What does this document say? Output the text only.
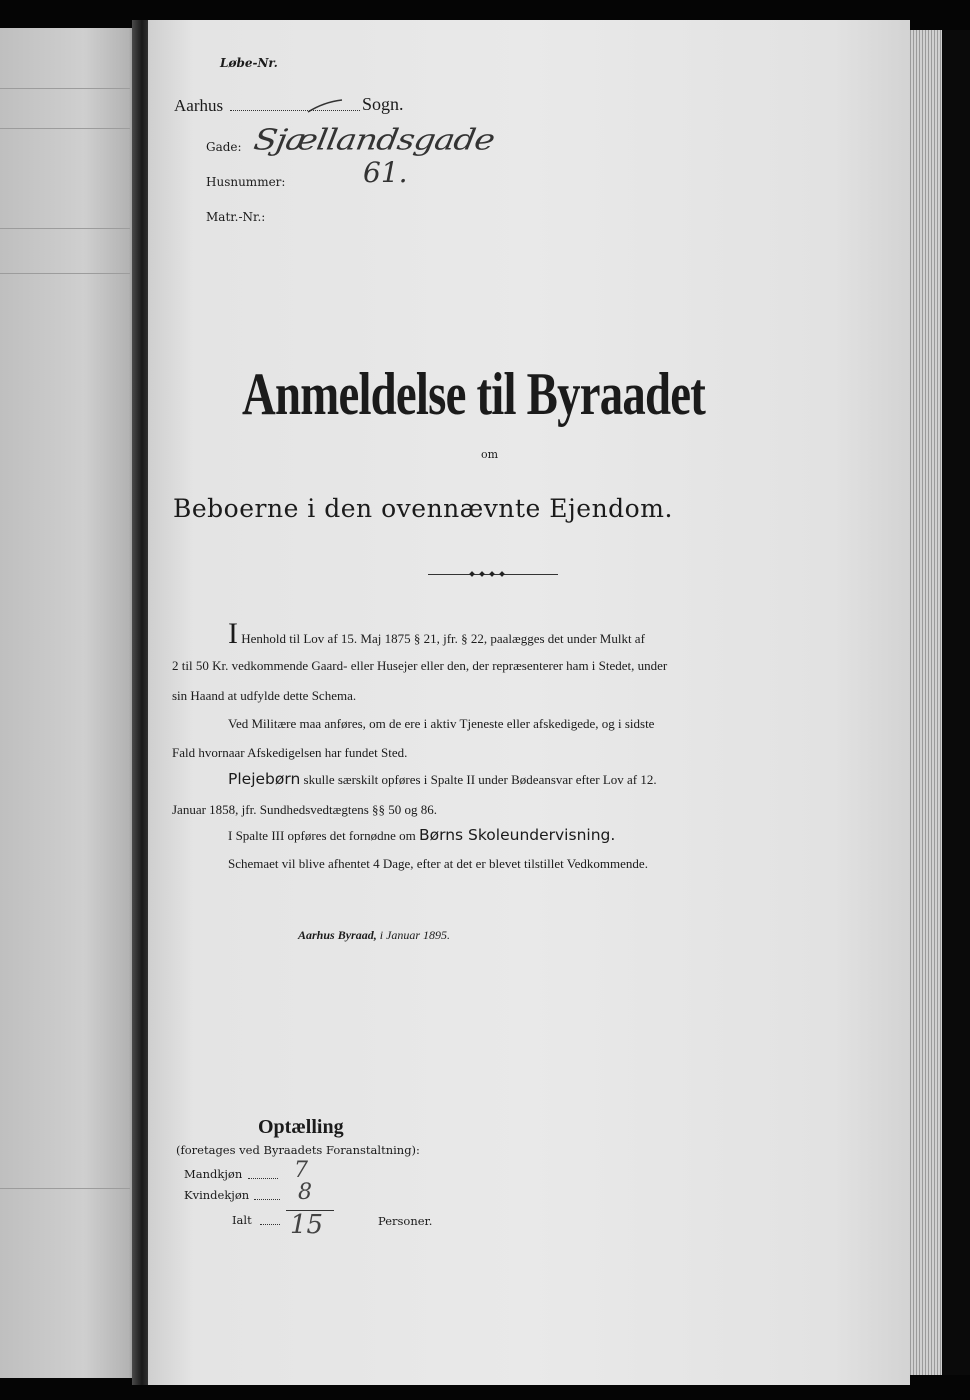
Løbe-Nr.
Aarhus	Sogn.
Gade: Sjællandsgade
Husnummer:	61.
Matr.-Nr.:
Anmeldelse til Byraadet
om
Beboerne i den ovennævnte Ejendom.
I Henhold til Lov af 15. Maj 1875 § 21, jfr. § 22, paalægges det under Mulkt af
2 til 50 Kr. vedkommende Gaard- eller Husejer eller den, der repræsenterer ham i Stedet, under
sin Haand at udfylde dette Schema.
Ved Militære maa anføres, om de ere i aktiv Tjeneste eller afskedigede, og i sidste
Fald hvornaar Afskedigelsen har fundet Sted.
Plejebørn skulle særskilt opføres i Spalte II under Bødeansvar efter Lov af 12.
Januar 1858, jfr. Sundhedsvedtægtens §§ 50 og 86.
I Spalte III opføres det fornødne om Børns Skoleundervisning.
Schemaet vil blive afhentet 4 Dage, efter at det er blevet tilstillet Vedkommende.
Aarhus Byraad, i Januar 1895.
Optælling
(foretages ved Byraadets Foranstaltning):
Mandkjøn 7
Kvindekjøn 8
Ialt 15	Personer.
